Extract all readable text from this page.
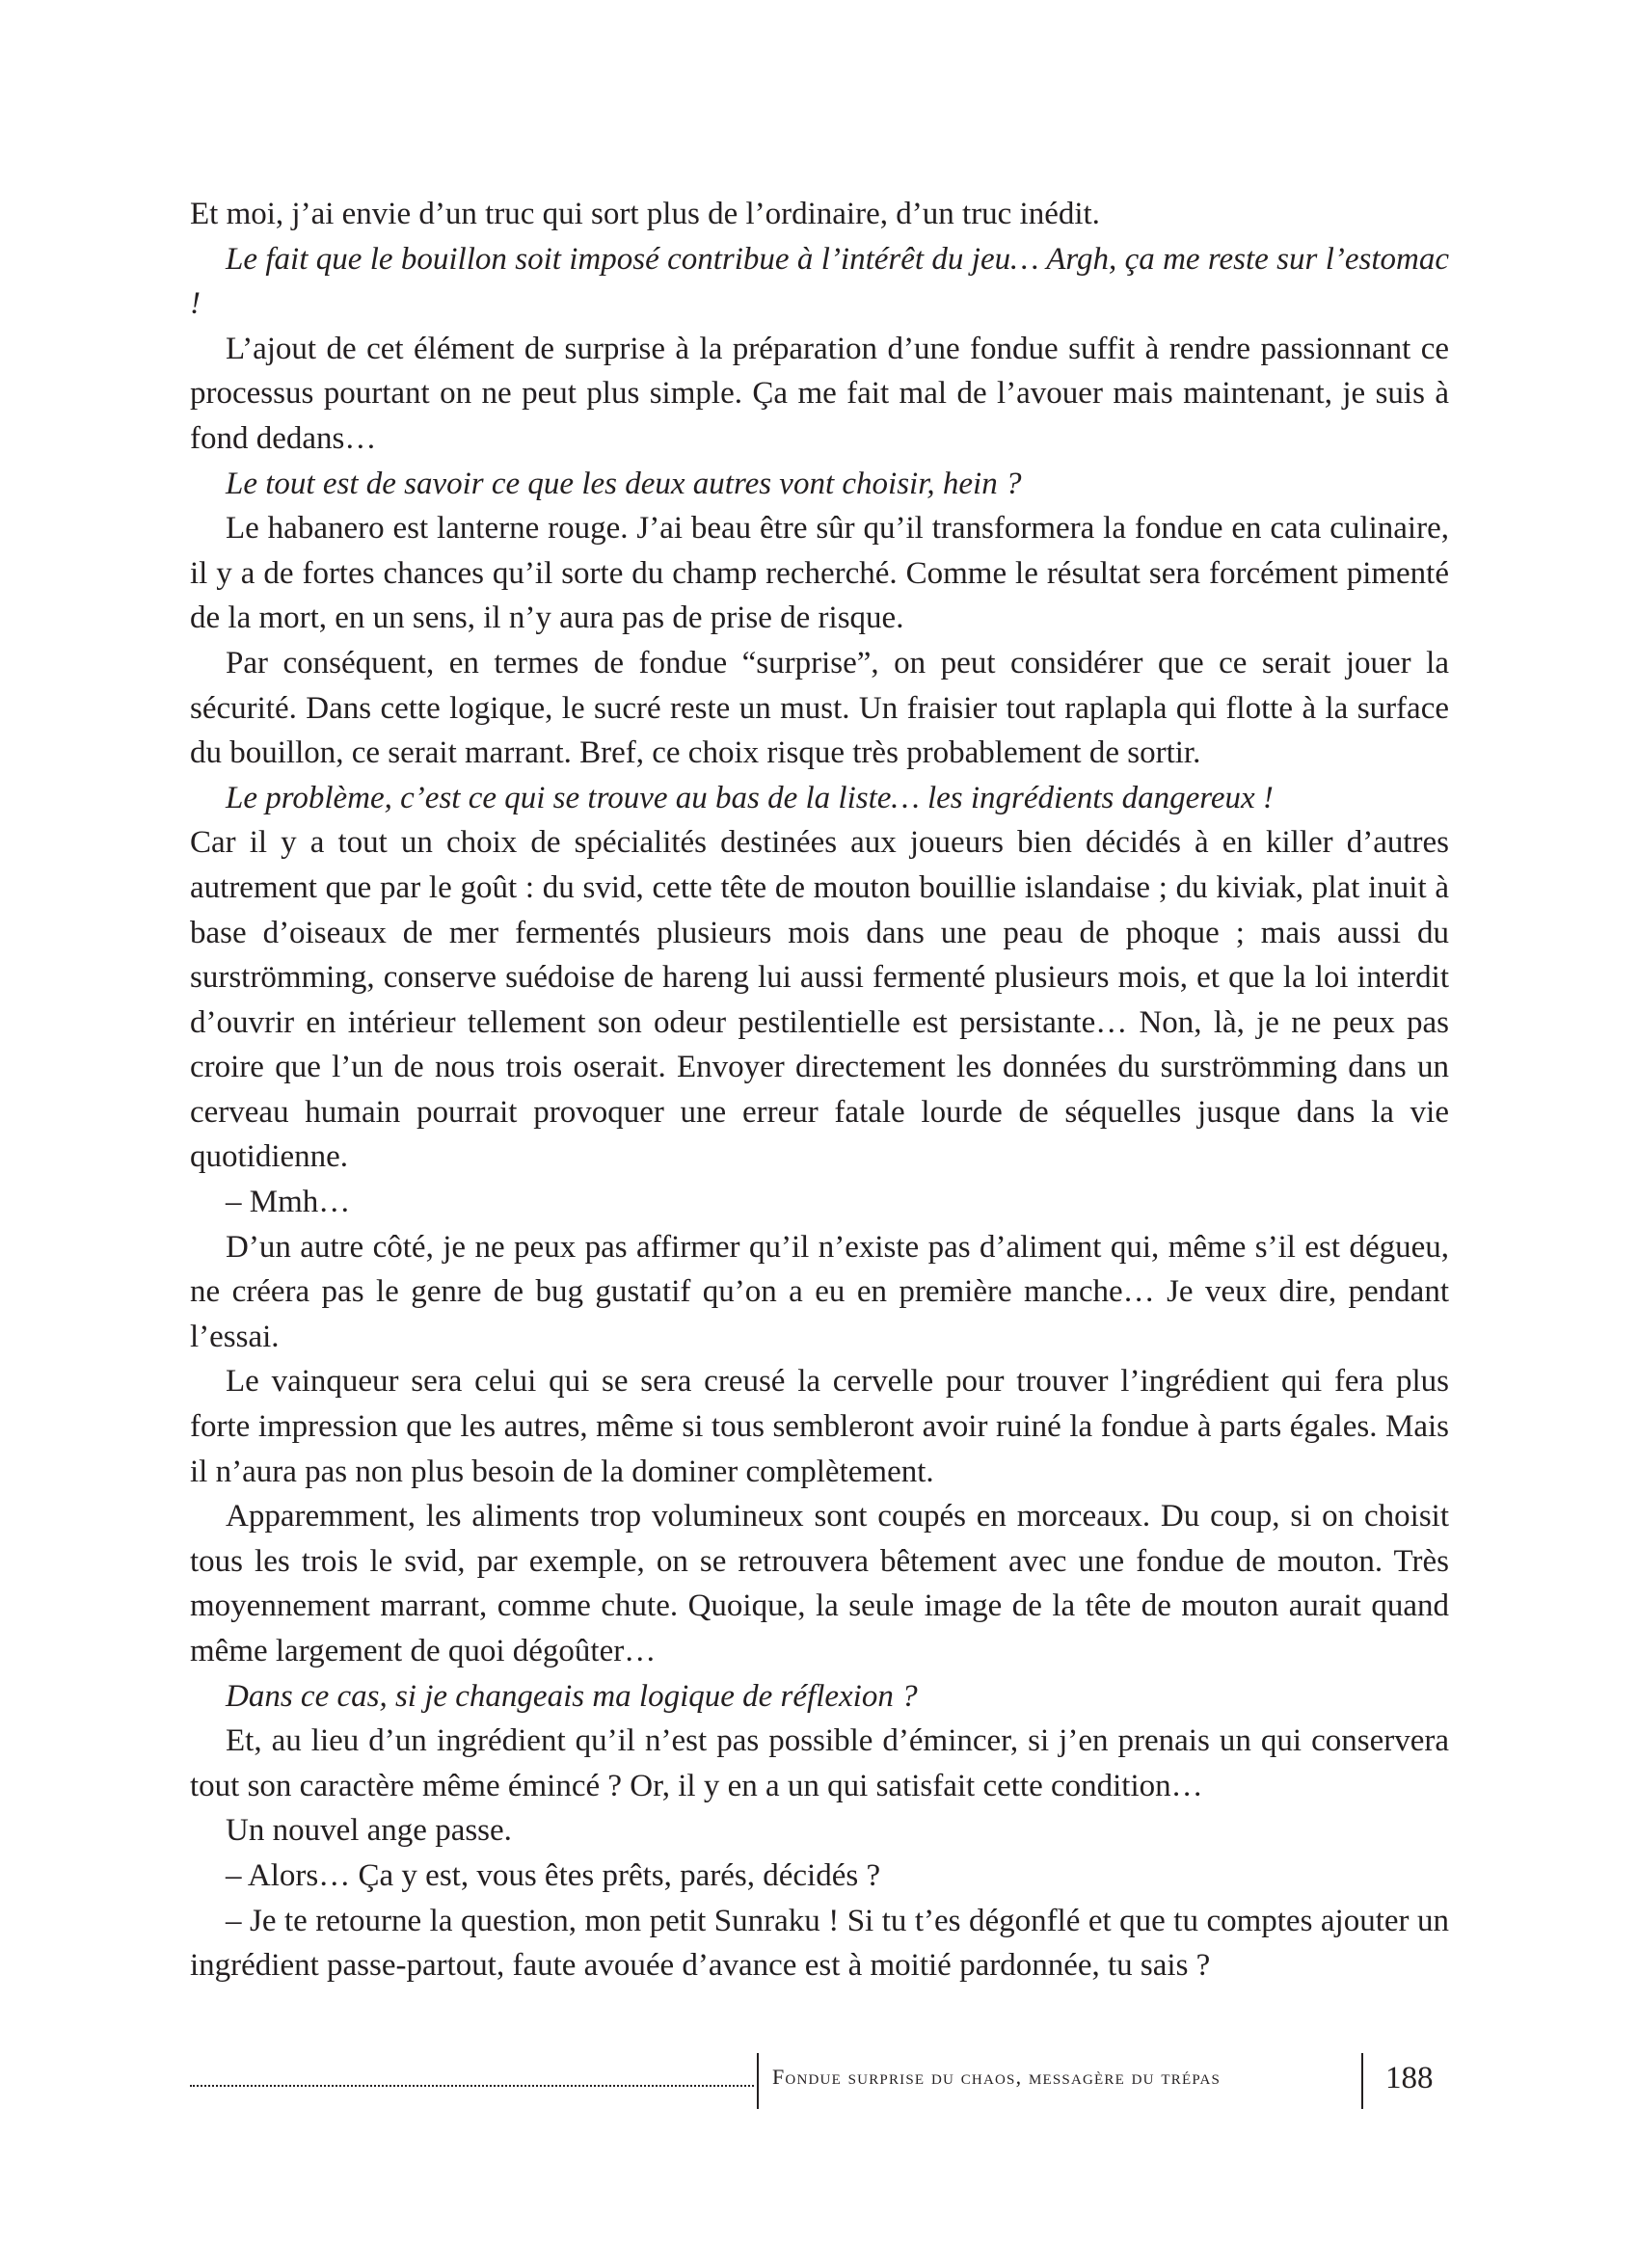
Et moi, j’ai envie d’un truc qui sort plus de l’ordinaire, d’un truc inédit.

Le fait que le bouillon soit imposé contribue à l’intérêt du jeu… Argh, ça me reste sur l’estomac !

L’ajout de cet élément de surprise à la préparation d’une fondue suffit à rendre passionnant ce processus pourtant on ne peut plus simple. Ça me fait mal de l’avouer mais maintenant, je suis à fond dedans…

Le tout est de savoir ce que les deux autres vont choisir, hein ?

Le habanero est lanterne rouge. J’ai beau être sûr qu’il transformera la fondue en cata culinaire, il y a de fortes chances qu’il sorte du champ recherché. Comme le résultat sera forcément pimenté de la mort, en un sens, il n’y aura pas de prise de risque.

Par conséquent, en termes de fondue “surprise”, on peut considérer que ce serait jouer la sécurité. Dans cette logique, le sucré reste un must. Un fraisier tout raplapla qui flotte à la surface du bouillon, ce serait marrant. Bref, ce choix risque très probablement de sortir.

Le problème, c’est ce qui se trouve au bas de la liste… les ingrédients dangereux !

Car il y a tout un choix de spécialités destinées aux joueurs bien décidés à en killer d’autres autrement que par le goût : du svid, cette tête de mouton bouillie islandaise ; du kiviak, plat inuit à base d’oiseaux de mer fermentés plusieurs mois dans une peau de phoque ; mais aussi du surströmming, conserve suédoise de hareng lui aussi fermenté plusieurs mois, et que la loi interdit d’ouvrir en intérieur tellement son odeur pestilentielle est persistante… Non, là, je ne peux pas croire que l’un de nous trois oserait. Envoyer directement les données du surströmming dans un cerveau humain pourrait provoquer une erreur fatale lourde de séquelles jusque dans la vie quotidienne.

– Mmh…

D’un autre côté, je ne peux pas affirmer qu’il n’existe pas d’aliment qui, même s’il est dégueu, ne créera pas le genre de bug gustatif qu’on a eu en première manche… Je veux dire, pendant l’essai.

Le vainqueur sera celui qui se sera creusé la cervelle pour trouver l’ingrédient qui fera plus forte impression que les autres, même si tous sembleront avoir ruiné la fondue à parts égales. Mais il n’aura pas non plus besoin de la dominer complètement.

Apparemment, les aliments trop volumineux sont coupés en morceaux. Du coup, si on choisit tous les trois le svid, par exemple, on se retrouvera bêtement avec une fondue de mouton. Très moyennement marrant, comme chute. Quoique, la seule image de la tête de mouton aurait quand même largement de quoi dégoûter…

Dans ce cas, si je changeais ma logique de réflexion ?

Et, au lieu d’un ingrédient qu’il n’est pas possible d’émincer, si j’en prenais un qui conservera tout son caractère même émincé ? Or, il y en a un qui satisfait cette condition…

Un nouvel ange passe.

– Alors… Ça y est, vous êtes prêts, parés, décidés ?

– Je te retourne la question, mon petit Sunraku ! Si tu t’es dégonflé et que tu comptes ajouter un ingrédient passe-partout, faute avouée d’avance est à moitié pardonnée, tu sais ?

Fondue surprise du chaos, messagère du trépas	188
